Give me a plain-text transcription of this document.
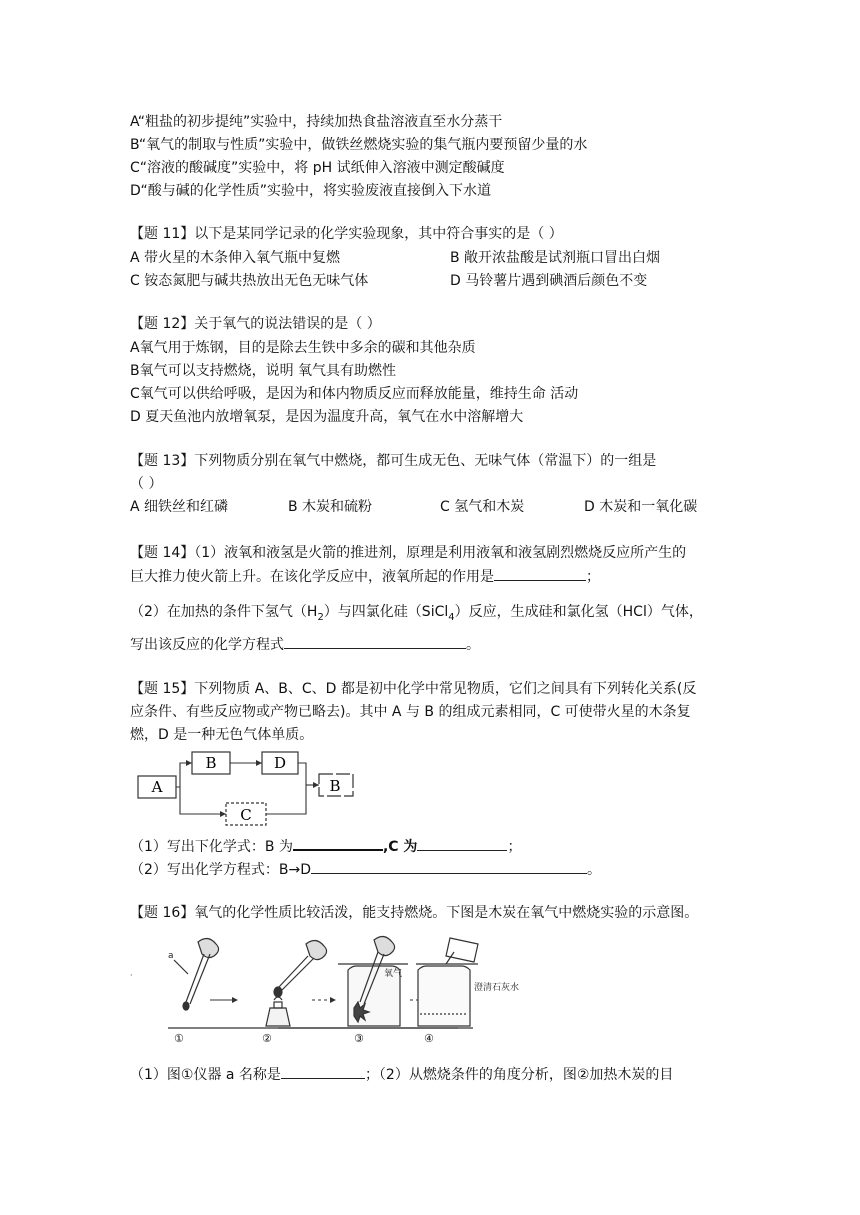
A“粗盐的初步提纯”实验中，持续加热食盐溶液直至水分蒸干
B“氧气的制取与性质”实验中，做铁丝燃烧实验的集气瓶内要预留少量的水
C“溶液的酸碱度”实验中，将 pH 试纸伸入溶液中测定酸碱度
D“酸与碱的化学性质”实验中，将实验废液直接倒入下水道
【题 11】以下是某同学记录的化学实验现象，其中符合事实的是（ ）
A 带火星的木条伸入氧气瓶中复燃	B 敞开浓盐酸是试剂瓶口冒出白烟
C 铵态氮肥与碱共热放出无色无味气体	D 马铃薯片遇到碘酒后颜色不变
【题 12】关于氧气的说法错误的是（ ）
A氧气用于炼钢，目的是除去生铁中多余的碳和其他杂质
B氧气可以支持燃烧，说明 氧气具有助燃性
C氧气可以供给呼吸，是因为和体内物质反应而释放能量，维持生命 活动
D 夏天鱼池内放增氧泵，是因为温度升高，氧气在水中溶解增大
【题 13】下列物质分别在氧气中燃烧，都可生成无色、无味气体（常温下）的一组是
（ ）
A 细铁丝和红磷	B 木炭和硫粉	C 氢气和木炭	D 木炭和一氧化碳
【题 14】（1）液氧和液氢是火箭的推进剂，原理是利用液氧和液氢剧烈燃烧反应所产生的
巨大推力使火箭上升。在该化学反应中，液氧所起的作用是	；
（2）在加热的条件下氢气$(H_2)$与四氯化硅（SiCl$_4$）反应，生成硅和氯化氢（HCl）气体，
写出该反应的化学方程式	。
【题 15】下列物质 A、B、C、D 都是初中化学中常见物质，它们之间具有下列转化关系(反
应条件、有些反应物或产物已略去)。其中 A 与 B 的组成元素相同，C 可使带火星的木条复
燃，D 是一种无色气体单质。
A
B	D
B
C
（1）写出下化学式：B 为	,C 为	；
（2）写出化学方程式：B→D	。
【题 16】氧气的化学性质比较活泼，能支持燃烧。下图是木炭在氧气中燃烧实验的示意图。
·
a
氧气
澄清石灰水
①	②	③	④
（1）图①仪器 a 名称是	；（2）从燃烧条件的角度分析，图②加热木炭的目
